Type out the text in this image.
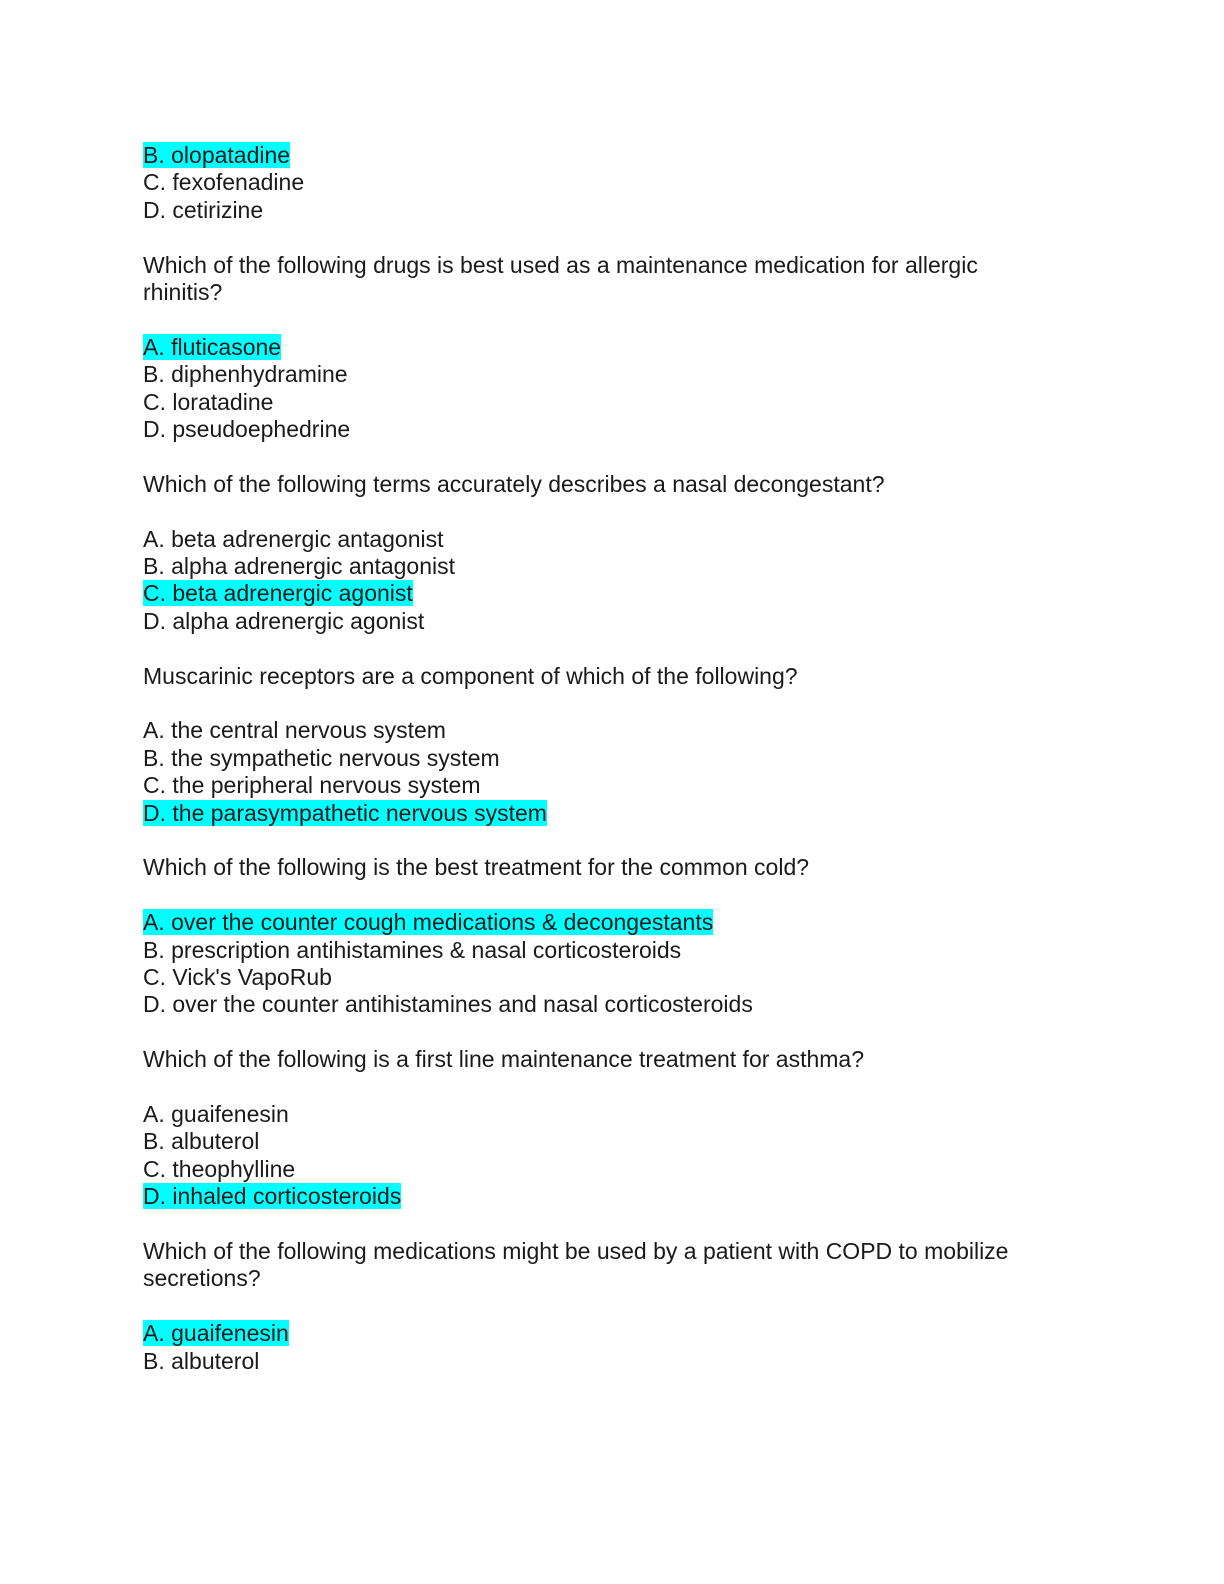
B. olopatadine
C. fexofenadine
D. cetirizine
Which of the following drugs is best used as a maintenance medication for allergic rhinitis?
A. fluticasone
B. diphenhydramine
C. loratadine
D. pseudoephedrine
Which of the following terms accurately describes a nasal decongestant?
A. beta adrenergic antagonist
B. alpha adrenergic antagonist
C. beta adrenergic agonist
D. alpha adrenergic agonist
Muscarinic receptors are a component of which of the following?
A. the central nervous system
B. the sympathetic nervous system
C. the peripheral nervous system
D. the parasympathetic nervous system
Which of the following is the best treatment for the common cold?
A. over the counter cough medications & decongestants
B. prescription antihistamines & nasal corticosteroids
C. Vick's VapoRub
D. over the counter antihistamines and nasal corticosteroids
Which of the following is a first line maintenance treatment for asthma?
A. guaifenesin
B. albuterol
C. theophylline
D. inhaled corticosteroids
Which of the following medications might be used by a patient with COPD to mobilize secretions?
A. guaifenesin
B. albuterol
